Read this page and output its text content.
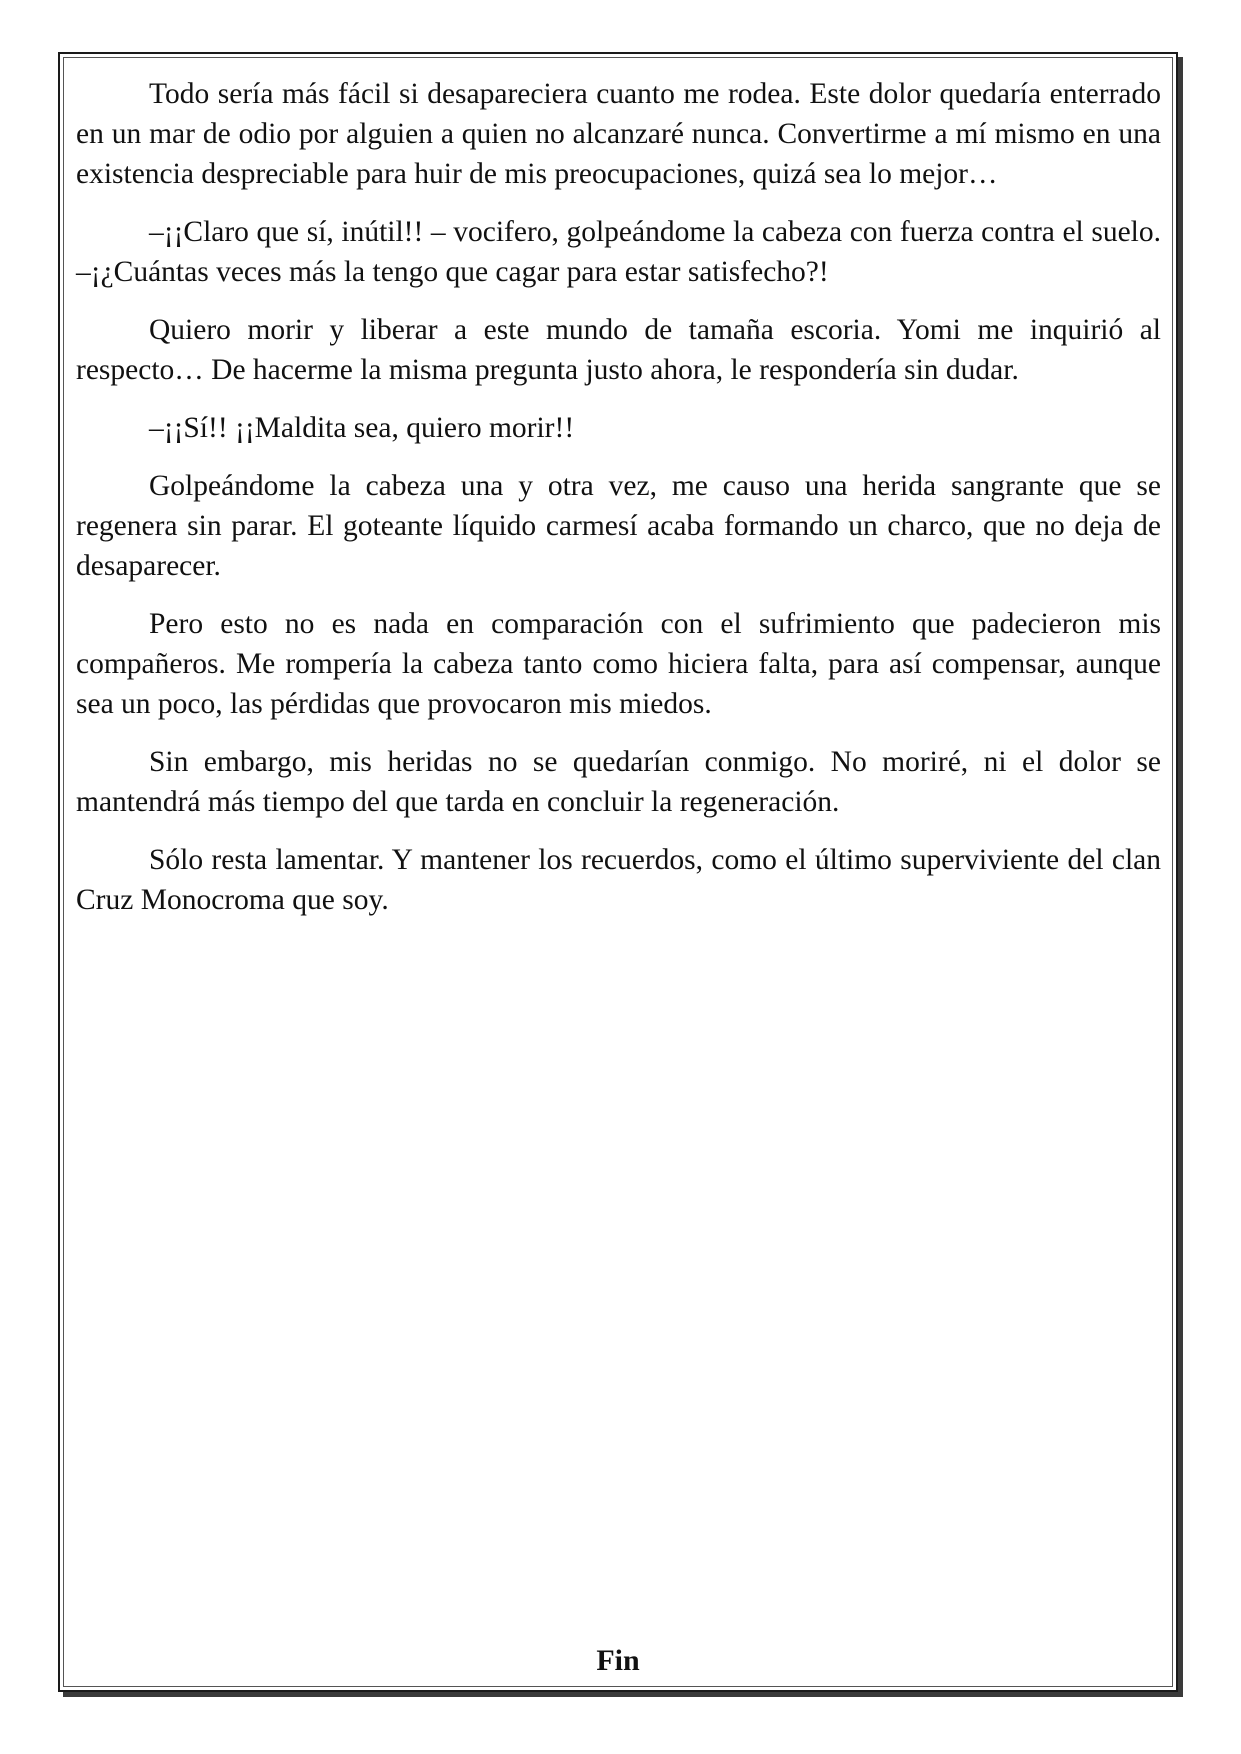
Todo sería más fácil si desapareciera cuanto me rodea. Este dolor quedaría enterrado en un mar de odio por alguien a quien no alcanzaré nunca. Convertirme a mí mismo en una existencia despreciable para huir de mis preocupaciones, quizá sea lo mejor…

–¡¡Claro que sí, inútil!! – vocifero, golpeándome la cabeza con fuerza contra el suelo. –¡¿Cuántas veces más la tengo que cagar para estar satisfecho?!

Quiero morir y liberar a este mundo de tamaña escoria. Yomi me inquirió al respecto… De hacerme la misma pregunta justo ahora, le respondería sin dudar.

–¡¡Sí!! ¡¡Maldita sea, quiero morir!!

Golpeándome la cabeza una y otra vez, me causo una herida sangrante que se regenera sin parar. El goteante líquido carmesí acaba formando un charco, que no deja de desaparecer.

Pero esto no es nada en comparación con el sufrimiento que padecieron mis compañeros. Me rompería la cabeza tanto como hiciera falta, para así compensar, aunque sea un poco, las pérdidas que provocaron mis miedos.

Sin embargo, mis heridas no se quedarían conmigo. No moriré, ni el dolor se mantendrá más tiempo del que tarda en concluir la regeneración.

Sólo resta lamentar. Y mantener los recuerdos, como el último superviviente del clan Cruz Monocroma que soy.

Fin
